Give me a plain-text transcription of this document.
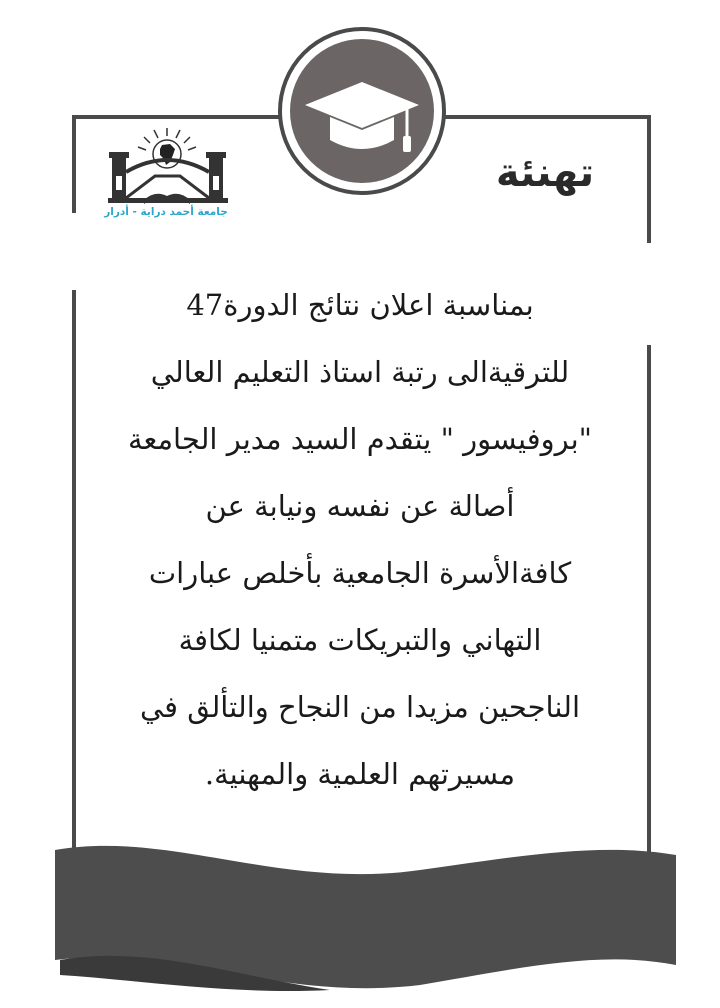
جامعة أحمد دراية - أدرار
تهنئة
بمناسبة اعلان نتائج الدورة47
للترقيةالى رتبة استاذ التعليم العالي
"بروفيسور " يتقدم السيد مدير الجامعة
أصالة عن نفسه ونيابة عن
كافةالأسرة الجامعية بأخلص عبارات
التهاني والتبريكات متمنيا لكافة
الناجحين مزيدا من النجاح والتألق في
مسيرتهم العلمية والمهنية.
